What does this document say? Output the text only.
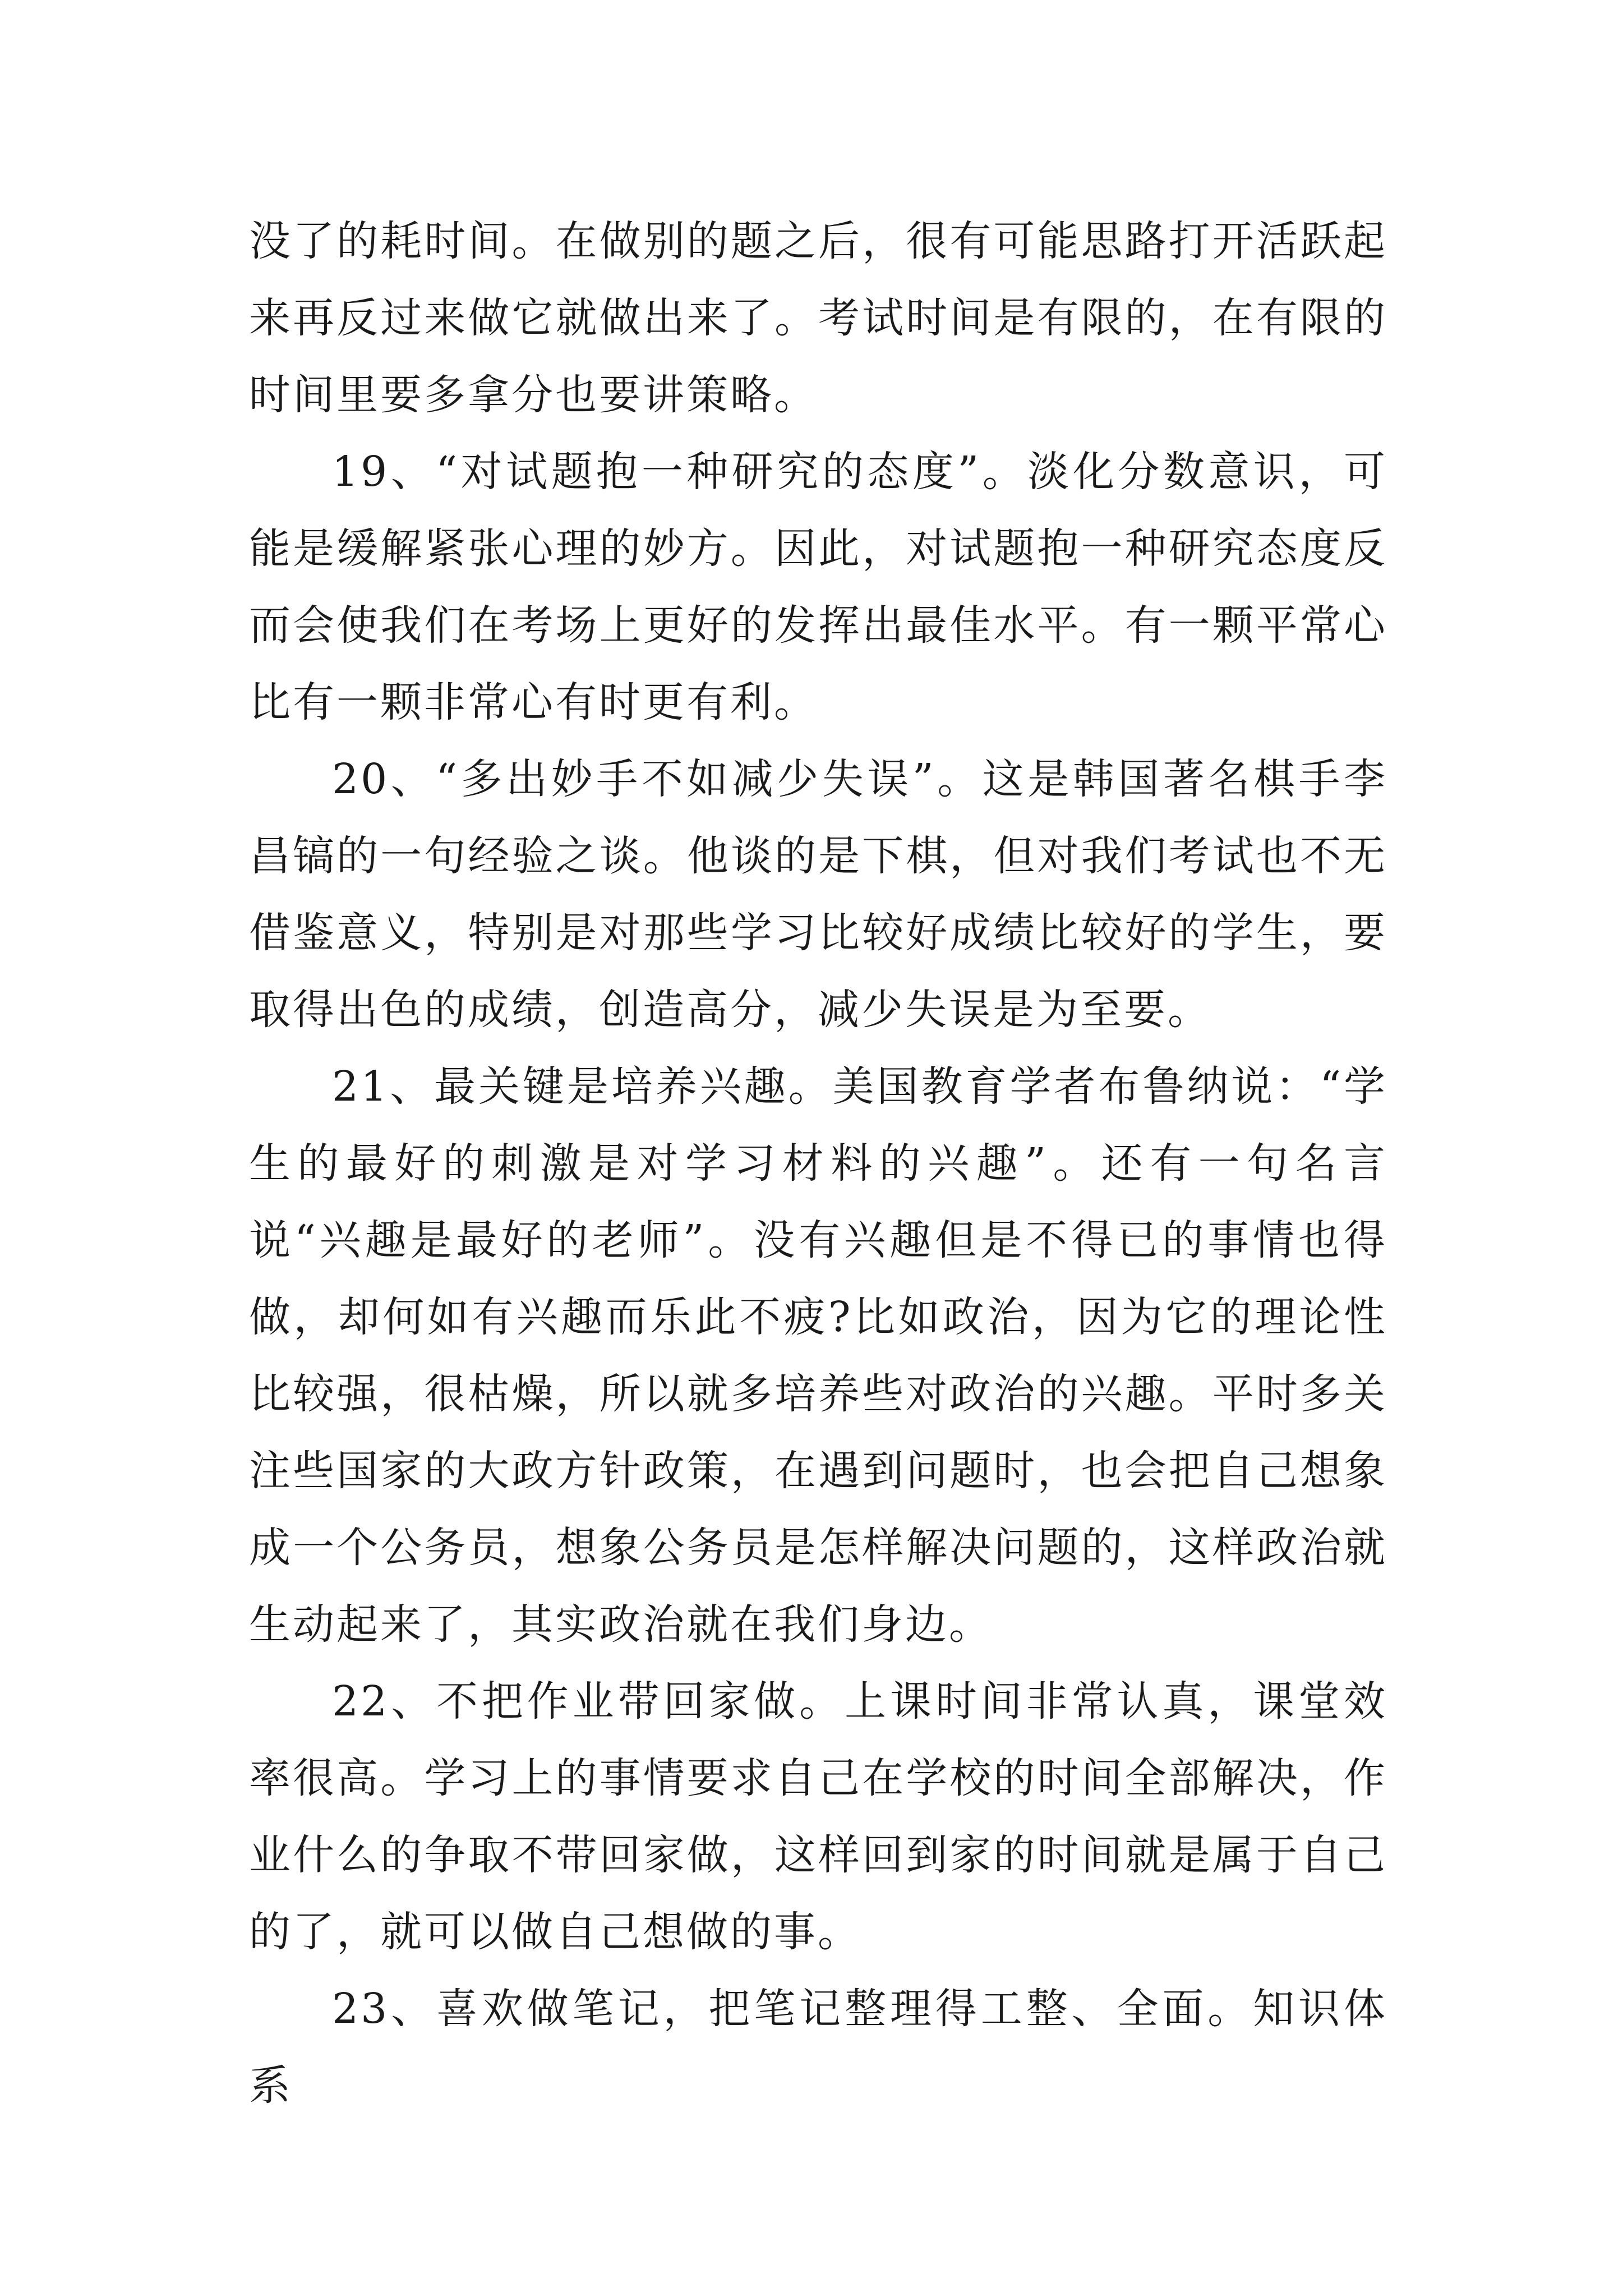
没了的耗时间。在做别的题之后，很有可能思路打开活跃起来再反过来做它就做出来了。考试时间是有限的，在有限的时间里要多拿分也要讲策略。

19、“对试题抱一种研究的态度”。淡化分数意识，可能是缓解紧张心理的妙方。因此，对试题抱一种研究态度反而会使我们在考场上更好的发挥出最佳水平。有一颗平常心比有一颗非常心有时更有利。

20、“多出妙手不如减少失误”。这是韩国著名棋手李昌镐的一句经验之谈。他谈的是下棋，但对我们考试也不无借鉴意义，特别是对那些学习比较好成绩比较好的学生，要取得出色的成绩，创造高分，减少失误是为至要。

21、最关键是培养兴趣。美国教育学者布鲁纳说：“学生的最好的刺激是对学习材料的兴趣”。还有一句名言说“兴趣是最好的老师”。没有兴趣但是不得已的事情也得做，却何如有兴趣而乐此不疲?比如政治，因为它的理论性比较强，很枯燥，所以就多培养些对政治的兴趣。平时多关注些国家的大政方针政策，在遇到问题时，也会把自己想象成一个公务员，想象公务员是怎样解决问题的，这样政治就生动起来了，其实政治就在我们身边。

22、不把作业带回家做。上课时间非常认真，课堂效率很高。学习上的事情要求自己在学校的时间全部解决，作业什么的争取不带回家做，这样回到家的时间就是属于自己的了，就可以做自己想做的事。

23、喜欢做笔记，把笔记整理得工整、全面。知识体系
